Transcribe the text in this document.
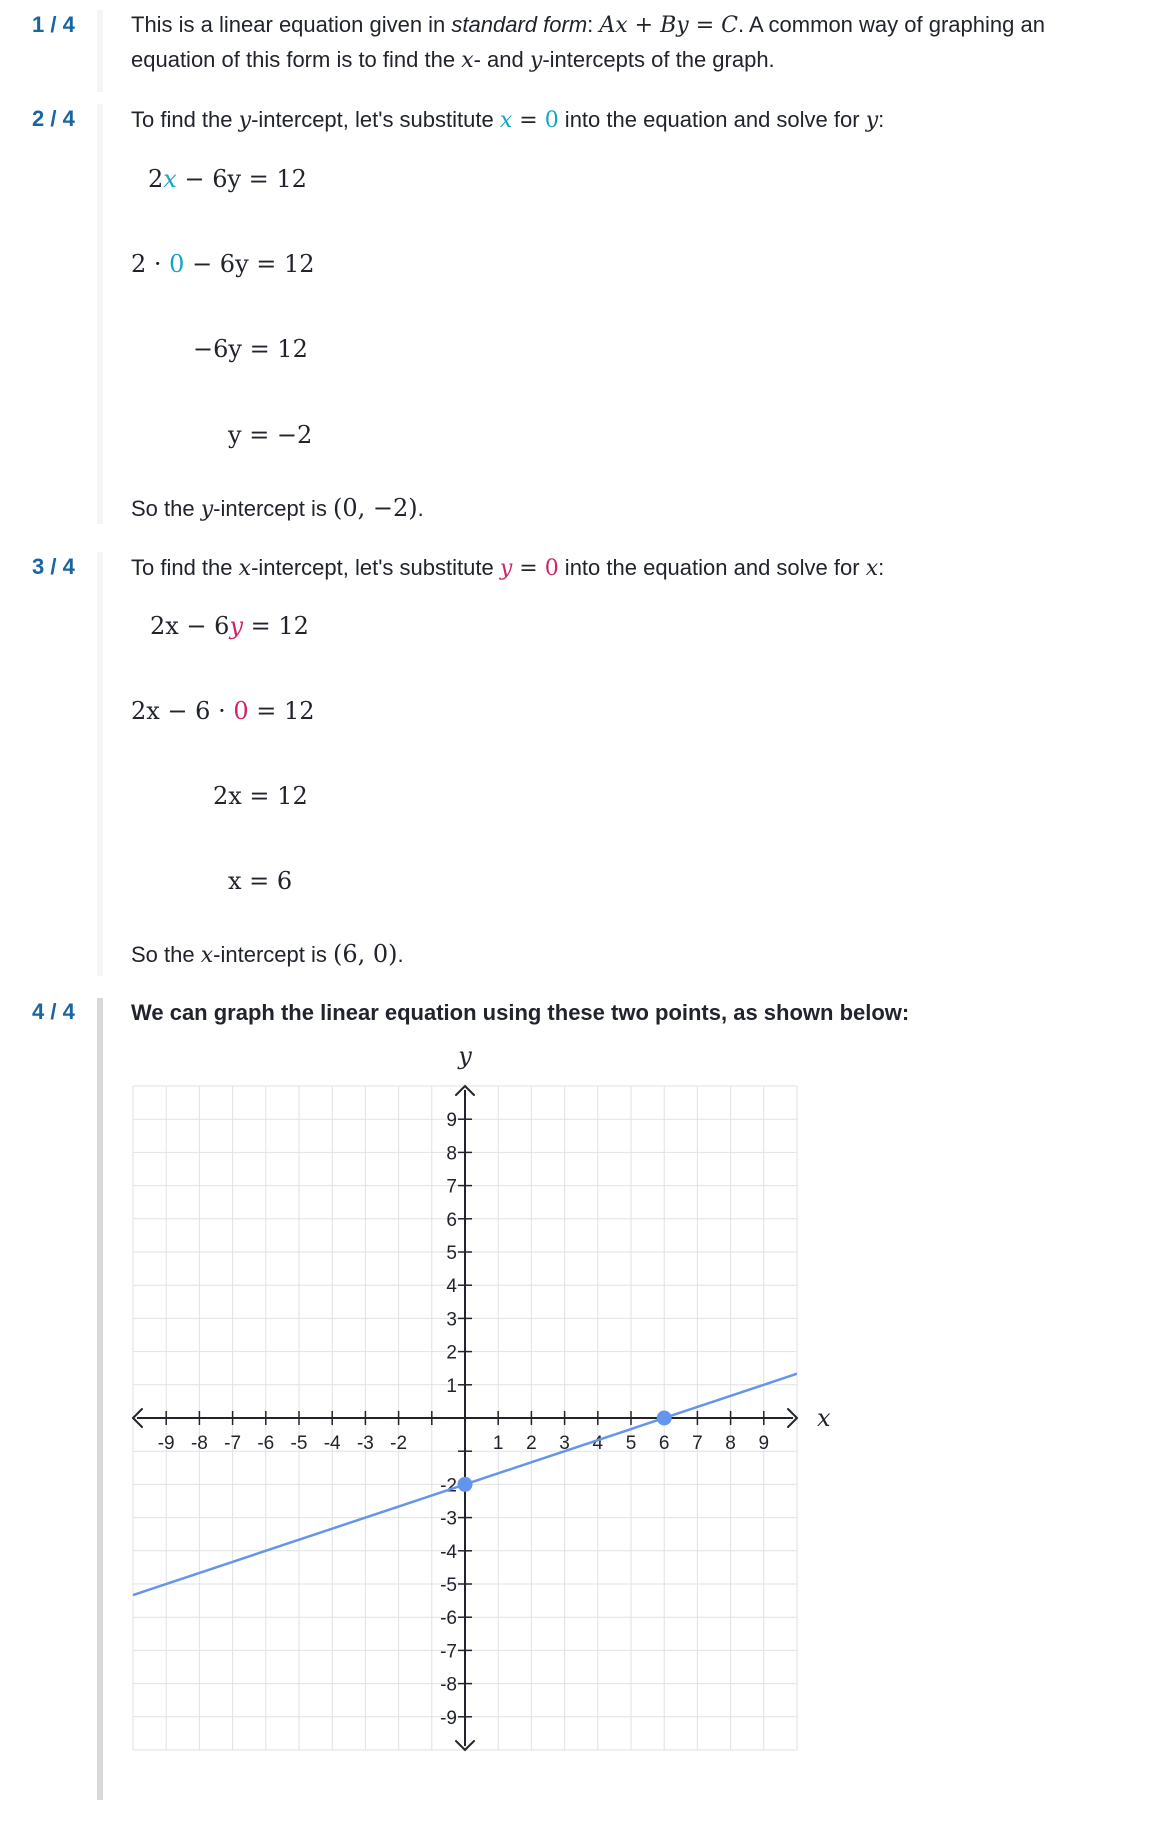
1 / 4
2 / 4
3 / 4
4 / 4
This is a linear equation given in standard form: Ax + By = C. A common way of graphing an
equation of this form is to find the x- and y-intercepts of the graph.
To find the y-intercept, let's substitute x = 0 into the equation and solve for y:
2x − 6y = 12
2 · 0 − 6y = 12
−6y = 12
y = −2
So the y-intercept is (0, −2).
To find the x-intercept, let's substitute y = 0 into the equation and solve for x:
2x − 6y = 12
2x − 6 · 0 = 12
2x = 12
x = 6
So the x-intercept is (6, 0).
We can graph the linear equation using these two points, as shown below:
-9 -8 -7 -6 -5 -4 -3 -2	1 2 3 4 5 6 7 8 9
9
8
7
6
5
4
3
2
1
-2
-3
-4
-5
-6
-7
-8
-9
x
y
